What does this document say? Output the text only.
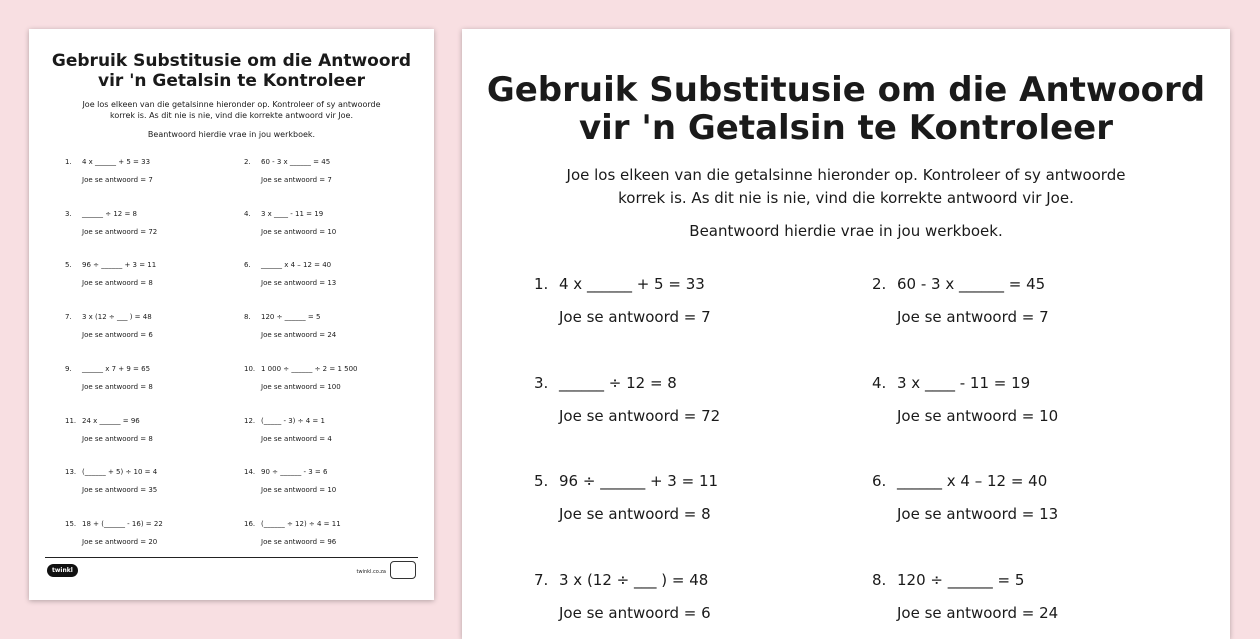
Gebruik Substitusie om die Antwoord
vir 'n Getalsin te Kontroleer
Joe los elkeen van die getalsinne hieronder op. Kontroleer of sy antwoorde
korrek is. As dit nie is nie, vind die korrekte antwoord vir Joe.
Beantwoord hierdie vrae in jou werkboek.
1. 4 x ______ + 5 = 33
Joe se antwoord = 7
2. 60 - 3 x ______ = 45
Joe se antwoord = 7
3. ______ ÷ 12 = 8
Joe se antwoord = 72
4. 3 x ____ - 11 = 19
Joe se antwoord = 10
5. 96 ÷ ______ + 3 = 11
Joe se antwoord = 8
6. ______ x 4 – 12 = 40
Joe se antwoord = 13
7. 3 x (12 ÷ ___ ) = 48
Joe se antwoord = 6
8. 120 ÷ ______ = 5
Joe se antwoord = 24
9. ______ x 7 + 9 = 65
Joe se antwoord = 8
10. 1 000 ÷ ______ ÷ 2 = 1 500
Joe se antwoord = 100
11. 24 x ______ = 96
Joe se antwoord = 8
12. (_____ - 3) ÷ 4 = 1
Joe se antwoord = 4
13. (______ + 5) ÷ 10 = 4
Joe se antwoord = 35
14. 90 ÷ ______ - 3 = 6
Joe se antwoord = 10
15. 18 + (______ - 16) = 22
Joe se antwoord = 20
16. (______ ÷ 12) ÷ 4 = 11
Joe se antwoord = 96
twinkl	twinkl.co.za
Gebruik Substitusie om die Antwoord
vir 'n Getalsin te Kontroleer
Joe los elkeen van die getalsinne hieronder op. Kontroleer of sy antwoorde
korrek is. As dit nie is nie, vind die korrekte antwoord vir Joe.
Beantwoord hierdie vrae in jou werkboek.
1. 4 x ______ + 5 = 33
Joe se antwoord = 7
2. 60 - 3 x ______ = 45
Joe se antwoord = 7
3. ______ ÷ 12 = 8
Joe se antwoord = 72
4. 3 x ____ - 11 = 19
Joe se antwoord = 10
5. 96 ÷ ______ + 3 = 11
Joe se antwoord = 8
6. ______ x 4 – 12 = 40
Joe se antwoord = 13
7. 3 x (12 ÷ ___ ) = 48
Joe se antwoord = 6
8. 120 ÷ ______ = 5
Joe se antwoord = 24
